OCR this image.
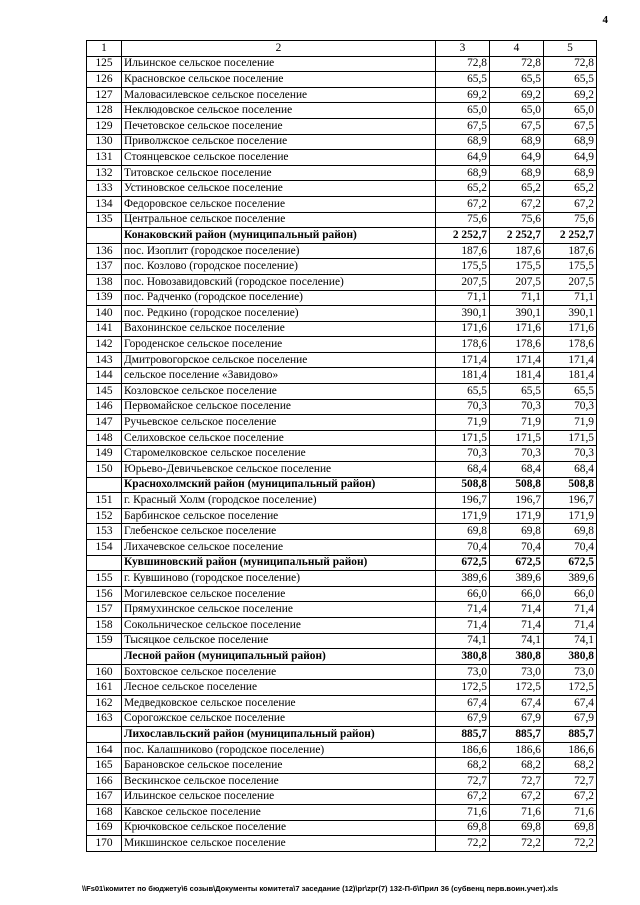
4
1	2	3	4	5
125	Ильинское сельское поселение	72,8	72,8	72,8
126	Красновское сельское поселение	65,5	65,5	65,5
127	Маловасилевское сельское поселение	69,2	69,2	69,2
128	Неклюдовское сельское поселение	65,0	65,0	65,0
129	Печетовское сельское поселение	67,5	67,5	67,5
130	Приволжское сельское поселение	68,9	68,9	68,9
131	Стоянцевское сельское поселение	64,9	64,9	64,9
132	Титовское сельское поселение	68,9	68,9	68,9
133	Устиновское сельское поселение	65,2	65,2	65,2
134	Федоровское сельское поселение	67,2	67,2	67,2
135	Центральное сельское поселение	75,6	75,6	75,6
	Конаковский район (муниципальный район)	2 252,7	2 252,7	2 252,7
136	пос. Изоплит (городское поселение)	187,6	187,6	187,6
137	пос. Козлово (городское поселение)	175,5	175,5	175,5
138	пос. Новозавидовский (городское поселение)	207,5	207,5	207,5
139	пос. Радченко (городское поселение)	71,1	71,1	71,1
140	пос. Редкино (городское поселение)	390,1	390,1	390,1
141	Вахонинское сельское поселение	171,6	171,6	171,6
142	Городенское сельское поселение	178,6	178,6	178,6
143	Дмитровогорское сельское поселение	171,4	171,4	171,4
144	сельское поселение «Завидово»	181,4	181,4	181,4
145	Козловское сельское поселение	65,5	65,5	65,5
146	Первомайское сельское поселение	70,3	70,3	70,3
147	Ручьевское сельское поселение	71,9	71,9	71,9
148	Селиховское сельское поселение	171,5	171,5	171,5
149	Старомелковское сельское поселение	70,3	70,3	70,3
150	Юрьево-Девичьевское сельское поселение	68,4	68,4	68,4
	Краснохолмский район (муниципальный район)	508,8	508,8	508,8
151	г. Красный Холм (городское поселение)	196,7	196,7	196,7
152	Барбинское сельское поселение	171,9	171,9	171,9
153	Глебенское сельское поселение	69,8	69,8	69,8
154	Лихачевское сельское поселение	70,4	70,4	70,4
	Кувшиновский район (муниципальный район)	672,5	672,5	672,5
155	г. Кувшиново (городское поселение)	389,6	389,6	389,6
156	Могилевское сельское поселение	66,0	66,0	66,0
157	Прямухинское сельское поселение	71,4	71,4	71,4
158	Сокольническое сельское поселение	71,4	71,4	71,4
159	Тысяцкое сельское поселение	74,1	74,1	74,1
	Лесной район (муниципальный район)	380,8	380,8	380,8
160	Бохтовское сельское поселение	73,0	73,0	73,0
161	Лесное сельское поселение	172,5	172,5	172,5
162	Медведковское сельское поселение	67,4	67,4	67,4
163	Сорогожское сельское поселение	67,9	67,9	67,9
	Лихославльский район (муниципальный район)	885,7	885,7	885,7
164	пос. Калашниково (городское поселение)	186,6	186,6	186,6
165	Барановское сельское поселение	68,2	68,2	68,2
166	Вескинское сельское поселение	72,7	72,7	72,7
167	Ильинское сельское поселение	67,2	67,2	67,2
168	Кавское сельское поселение	71,6	71,6	71,6
169	Крючковское сельское поселение	69,8	69,8	69,8
170	Микшинское сельское поселение	72,2	72,2	72,2
\\Fs01\комитет по бюджету\6 созыв\Документы комитета\7 заседание (12)\pr\zpr(7) 132-П-б\Прил 36 (субвенц перв.воин.учет).xls
